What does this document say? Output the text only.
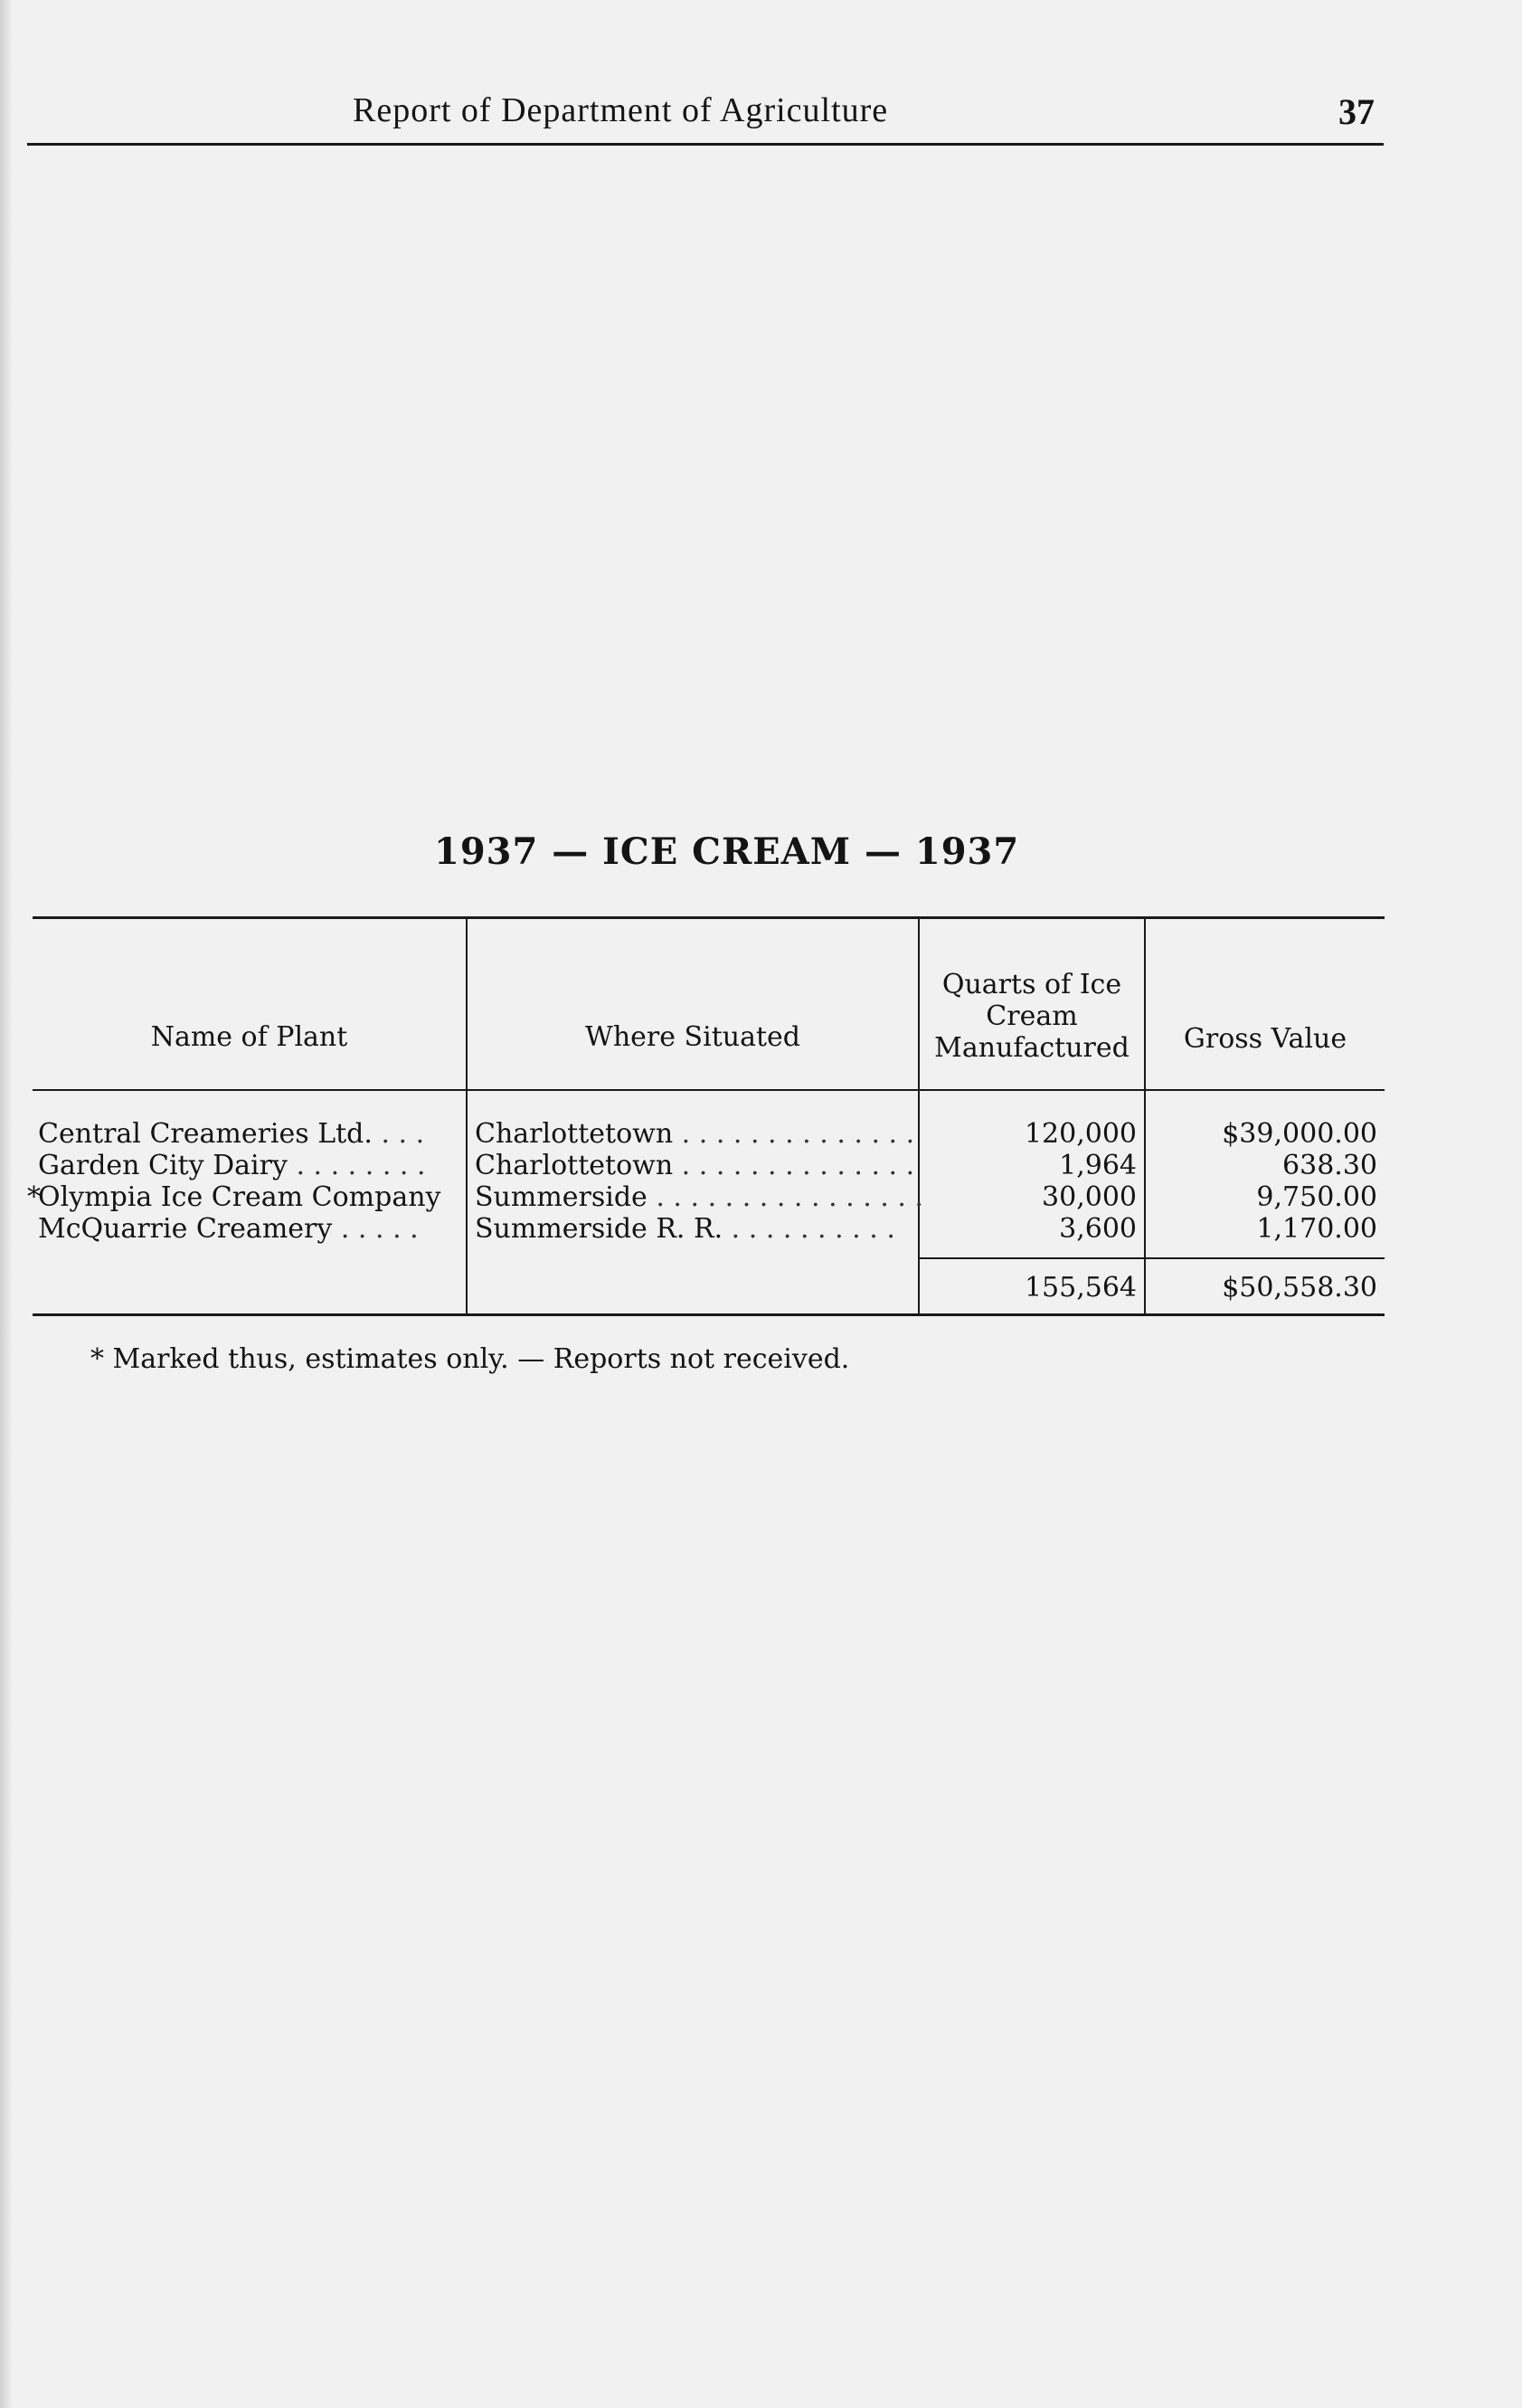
Report of Department of Agriculture	37
1937 — ICE CREAM — 1937
Name of Plant	Where Situated	Quarts of Ice Cream Manufactured	Gross Value
Central Creameries Ltd. . . .	Charlottetown . . . . . . . . . . . . . .	120,000	$39,000.00
Garden City Dairy . . . . . . . .	Charlottetown . . . . . . . . . . . . . .	1,964	638.30
*Olympia Ice Cream Company	Summerside . . . . . . . . . . . . . . . .	30,000	9,750.00
McQuarrie Creamery . . . . .	Summerside R. R. . . . . . . . . . .	3,600	1,170.00
		155,564	$50,558.30
* Marked thus, estimates only. — Reports not received.
